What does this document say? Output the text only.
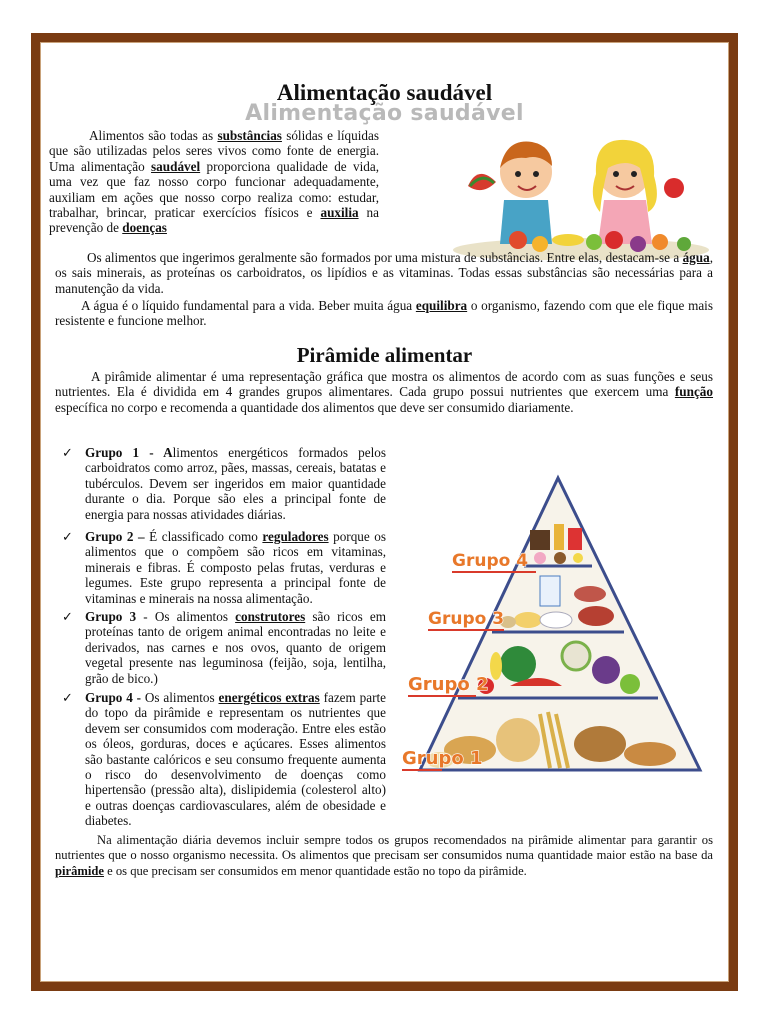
Alimentação saudável
Alimentação saudável
Alimentos são todas as substâncias sólidas e líquidas que são utilizadas pelos seres vivos como fonte de energia. Uma alimentação saudável proporciona qualidade de vida, uma vez que faz nosso corpo funcionar adequadamente, auxiliam em ações que nosso corpo realiza como: estudar, trabalhar, brincar, praticar exercícios físicos e auxilia na prevenção de doenças
Os alimentos que ingerimos geralmente são formados por uma mistura de substâncias. Entre elas, destacam-se a água, os sais minerais, as proteínas os carboidratos, os lipídios e as vitaminas. Todas essas substâncias são necessárias para a manutenção da vida.
A água é o líquido fundamental para a vida. Beber muita água equilibra o organismo, fazendo com que ele fique mais resistente e funcione melhor.
Pirâmide alimentar
A pirâmide alimentar é uma representação gráfica que mostra os alimentos de acordo com as suas funções e seus nutrientes. Ela é dividida em 4 grandes grupos alimentares. Cada grupo possui nutrientes que exercem uma função específica no corpo e recomenda a quantidade dos alimentos que deve ser consumido diariamente.
✓ Grupo 1 - Alimentos energéticos formados pelos carboidratos como arroz, pães, massas, cereais, batatas e tubérculos. Devem ser ingeridos em maior quantidade durante o dia. Porque são eles a principal fonte de energia para nossas atividades diárias.
✓ Grupo 2 – É classificado como reguladores porque os alimentos que o compõem são ricos em vitaminas, minerais e fibras. É composto pelas frutas, verduras e legumes. Este grupo representa a principal fonte de vitaminas e minerais na nossa alimentação.
✓ Grupo 3 - Os alimentos construtores são ricos em proteínas tanto de origem animal encontradas no leite e derivados, nas carnes e nos ovos, quanto de origem vegetal presente nas leguminosa (feijão, soja, lentilha, grão de bico.)
✓ Grupo 4 - Os alimentos energéticos extras fazem parte do topo da pirâmide e representam os nutrientes que devem ser consumidos com moderação. Entre eles estão os óleos, gorduras, doces e açúcares. Esses alimentos são bastante calóricos e seu consumo frequente aumenta o risco do desenvolvimento de doenças como hipertensão (pressão alta), dislipidemia (colesterol alto) e outras doenças cardiovasculares, além de obesidade e diabetes.
Grupo 4
Grupo 3
Grupo 2
Grupo 1
Na alimentação diária devemos incluir sempre todos os grupos recomendados na pirâmide alimentar para garantir os nutrientes que o nosso organismo necessita. Os alimentos que precisam ser consumidos numa quantidade maior estão na base da pirâmide e os que precisam ser consumidos em menor quantidade estão no topo da pirâmide.
